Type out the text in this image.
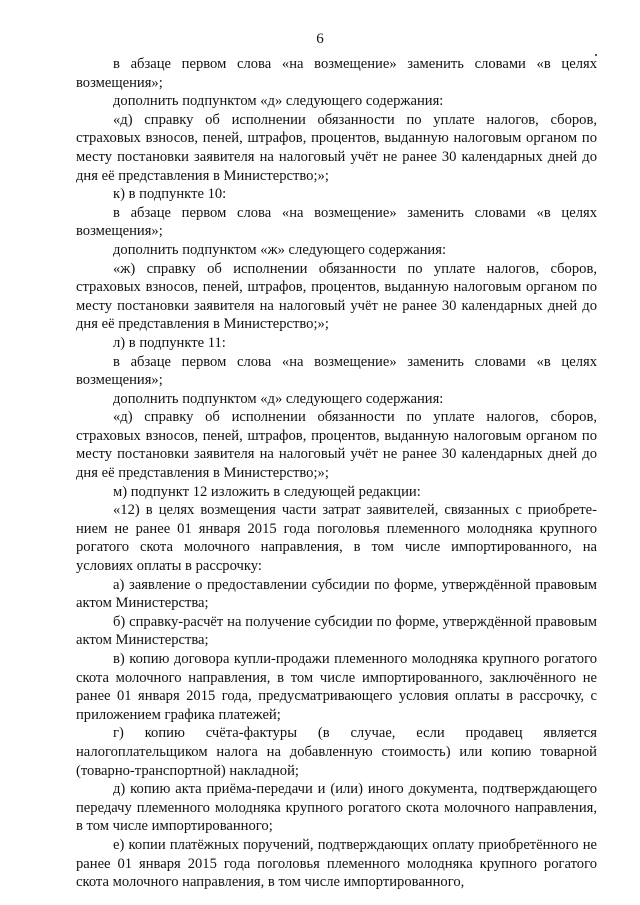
6

в абзаце первом слова «на возмещение» заменить словами «в целях возмещения»;

дополнить подпунктом «д» следующего содержания:

«д) справку об исполнении обязанности по уплате налогов, сборов, страховых взносов, пеней, штрафов, процентов, выданную налоговым органом по месту постановки заявителя на налоговый учёт не ранее 30 календарных дней до дня её представления в Министерство;»;

к) в подпункте 10:

в абзаце первом слова «на возмещение» заменить словами «в целях возмещения»;

дополнить подпунктом «ж» следующего содержания:

«ж) справку об исполнении обязанности по уплате налогов, сборов, страховых взносов, пеней, штрафов, процентов, выданную налоговым органом по месту постановки заявителя на налоговый учёт не ранее 30 календарных дней до дня её представления в Министерство;»;

л) в подпункте 11:

в абзаце первом слова «на возмещение» заменить словами «в целях возмещения»;

дополнить подпунктом «д» следующего содержания:

«д) справку об исполнении обязанности по уплате налогов, сборов, страховых взносов, пеней, штрафов, процентов, выданную налоговым органом по месту постановки заявителя на налоговый учёт не ранее 30 календарных дней до дня её представления в Министерство;»;

м) подпункт 12 изложить в следующей редакции:

«12) в целях возмещения части затрат заявителей, связанных с приобретением не ранее 01 января 2015 года поголовья племенного молодняка крупного рогатого скота молочного направления, в том числе импортированного, на условиях оплаты в рассрочку:

а) заявление о предоставлении субсидии по форме, утверждённой правовым актом Министерства;

б) справку-расчёт на получение субсидии по форме, утверждённой правовым актом Министерства;

в) копию договора купли-продажи племенного молодняка крупного рогатого скота молочного направления, в том числе импортированного, заключённого не ранее 01 января 2015 года, предусматривающего условия оплаты в рассрочку, с приложением графика платежей;

г) копию счёта-фактуры (в случае, если продавец является налогоплательщиком налога на добавленную стоимость) или копию товарной (товарно-транспортной) накладной;

д) копию акта приёма-передачи и (или) иного документа, подтверждающего передачу племенного молодняка крупного рогатого скота молочного направления, в том числе импортированного;

е) копии платёжных поручений, подтверждающих оплату приобретённого не ранее 01 января 2015 года поголовья племенного молодняка крупного рогатого скота молочного направления, в том числе импортированного,
